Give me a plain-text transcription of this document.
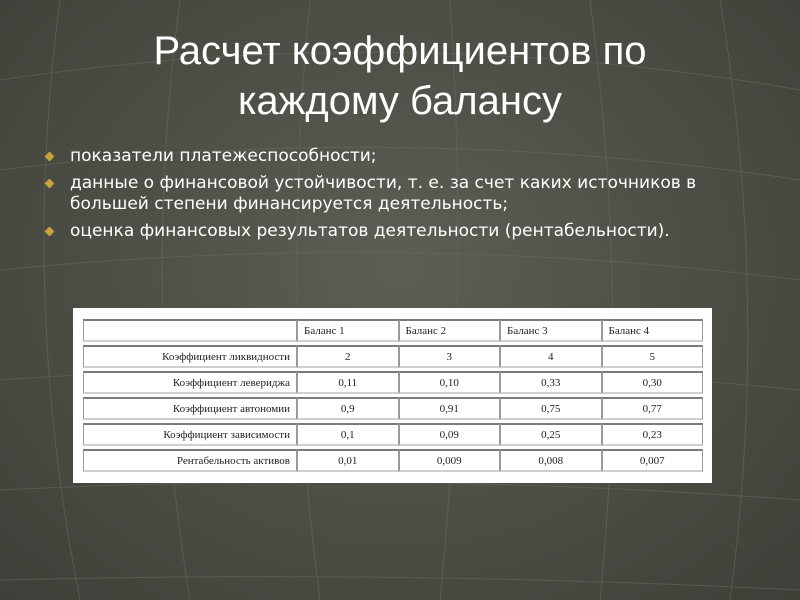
Расчет коэффициентов по
каждому балансу
показатели платежеспособности;
данные о финансовой устойчивости, т. е. за счет каких источников в большей степени финансируется деятельность;
оценка финансовых результатов деятельности (рентабельности).
	Баланс 1	Баланс 2	Баланс 3	Баланс 4
Коэффициент ликвидности	2	3	4	5
Коэффициент левериджа	0,11	0,10	0,33	0,30
Коэффициент автономии	0,9	0,91	0,75	0,77
Коэффициент зависимости	0,1	0,09	0,25	0,23
Рентабельность активов	0,01	0,009	0,008	0,007
